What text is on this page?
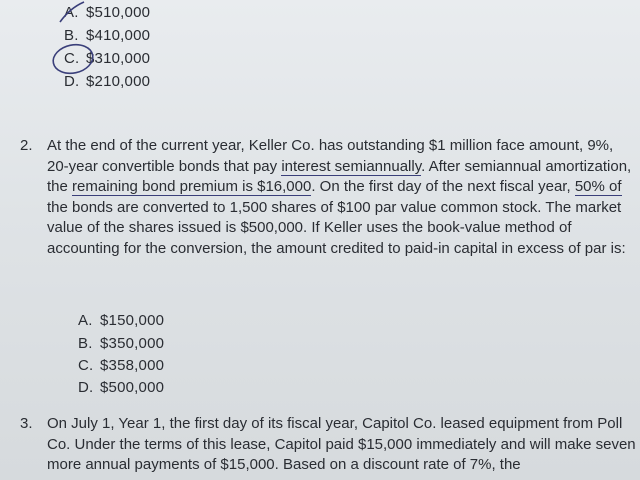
A. $510,000
B. $410,000
C. $310,000
D. $210,000
2. At the end of the current year, Keller Co. has outstanding $1 million face amount, 9%, 20-year convertible bonds that pay interest semiannually. After semiannual amortization, the remaining bond premium is $16,000. On the first day of the next fiscal year, 50% of the bonds are converted to 1,500 shares of $100 par value common stock. The market value of the shares issued is $500,000. If Keller uses the book-value method of accounting for the conversion, the amount credited to paid-in capital in excess of par is:
A. $150,000
B. $350,000
C. $358,000
D. $500,000
3. On July 1, Year 1, the first day of its fiscal year, Capitol Co. leased equipment from Poll Co. Under the terms of this lease, Capitol paid $15,000 immediately and will make seven more annual payments of $15,000. Based on a discount rate of 7%, the
